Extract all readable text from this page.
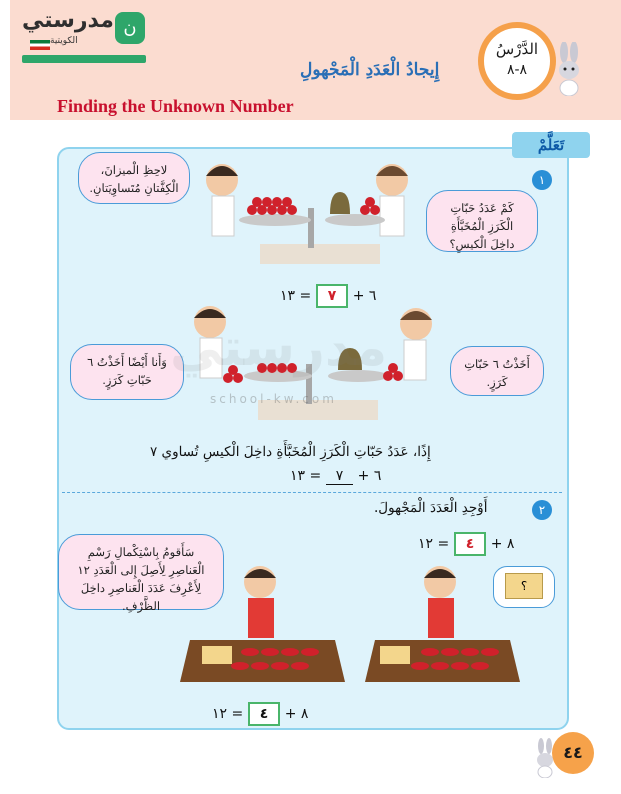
مدرستي ن
الكويتية	الدَّرْسُ
٨-٨
إِيجادُ الْعَدَدِ الْمَجْهولِ
Finding the Unknown Number
تَعَلَّمْ
١
لاحِظِ الْميزانَ، الْكِفَّتانِ مُتَساوِيَتانِ.
كَمْ عَدَدُ حَبّاتِ الْكَرَزِ الْمُخَبَّأَةِ داخِلَ الْكيسِ؟
٦ + ٧ = ١٣
وَأَنا أَيْضًا أَخَذْتُ ٦ حَبّاتِ كَرَزٍ.
أَخَذْتُ ٦ حَبّاتِ كَرَزٍ.
مدرستي
school-kw.com
إِذًا، عَدَدُ حَبّاتِ الْكَرَزِ الْمُخَبَّأَةِ داخِلَ الْكيسِ تُساوي ٧
٦ + ٧ = ١٣
٢
أَوْجِدِ الْعَدَدَ الْمَجْهولَ.
٨ + ٤ = ١٢
سَأَقومُ بِاسْتِكْمالِ رَسْمِ الْعَناصِرِ لِأَصِلَ إِلى الْعَدَدِ ١٢ لِأَعْرِفَ عَدَدَ الْعَناصِرِ داخِلَ الظَّرْفِ.
؟
٨ + ٤ = ١٢
٤٤
